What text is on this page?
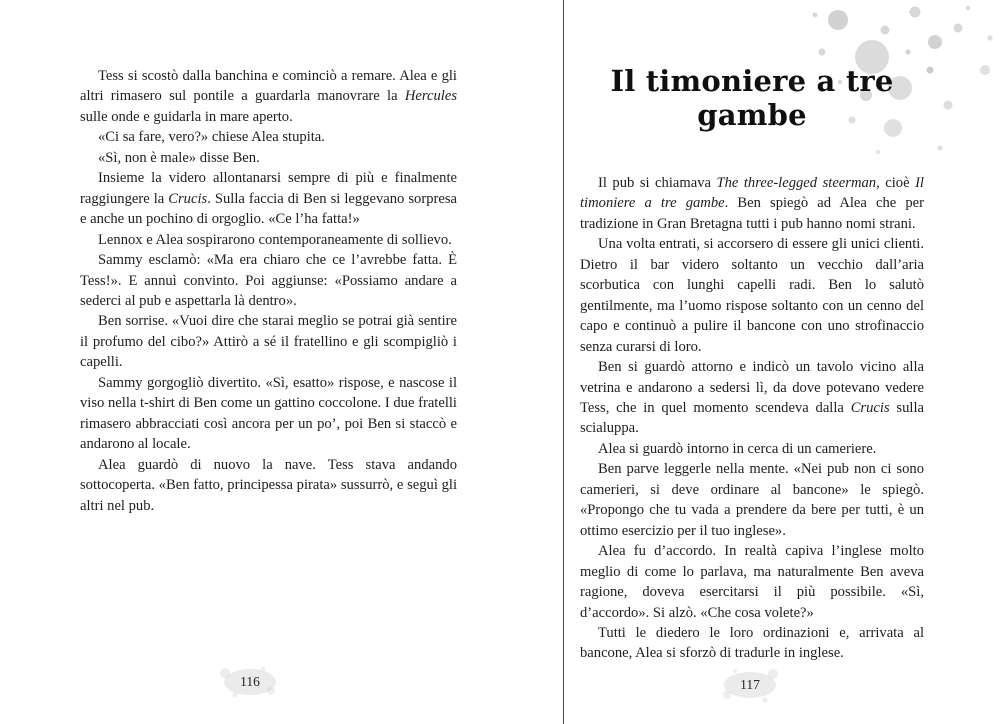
Tess si scostò dalla banchina e cominciò a remare. Alea e gli altri rimasero sul pontile a guardarla manovrare la Hercules sulle onde e guidarla in mare aperto.

«Ci sa fare, vero?» chiese Alea stupita.

«Sì, non è male» disse Ben.

Insieme la videro allontanarsi sempre di più e finalmente raggiungere la Crucis. Sulla faccia di Ben si leggevano sorpresa e anche un pochino di orgoglio. «Ce l’ha fatta!»

Lennox e Alea sospirarono contemporaneamente di sollievo.

Sammy esclamò: «Ma era chiaro che ce l’avrebbe fatta. È Tess!». E annuì convinto. Poi aggiunse: «Possiamo andare a sederci al pub e aspettarla là dentro».

Ben sorrise. «Vuoi dire che starai meglio se potrai già sentire il profumo del cibo?» Attirò a sé il fratellino e gli scompigliò i capelli.

Sammy gorgogliò divertito. «Sì, esatto» rispose, e nascose il viso nella t-shirt di Ben come un gattino coccolone. I due fratelli rimasero abbracciati così ancora per un po’, poi Ben si staccò e andarono al locale.

Alea guardò di nuovo la nave. Tess stava andando sottocoperta. «Ben fatto, principessa pirata» sussurrò, e seguì gli altri nel pub.

116
Il timoniere a tre gambe

Il pub si chiamava The three-legged steerman, cioè Il timoniere a tre gambe. Ben spiegò ad Alea che per tradizione in Gran Bretagna tutti i pub hanno nomi strani.

Una volta entrati, si accorsero di essere gli unici clienti. Dietro il bar videro soltanto un vecchio dall’aria scorbutica con lunghi capelli radi. Ben lo salutò gentilmente, ma l’uomo rispose soltanto con un cenno del capo e continuò a pulire il bancone con uno strofinaccio senza curarsi di loro.

Ben si guardò attorno e indicò un tavolo vicino alla vetrina e andarono a sedersi lì, da dove potevano vedere Tess, che in quel momento scendeva dalla Crucis sulla scialuppa.

Alea si guardò intorno in cerca di un cameriere.

Ben parve leggerle nella mente. «Nei pub non ci sono camerieri, si deve ordinare al bancone» le spiegò. «Propongo che tu vada a prendere da bere per tutti, è un ottimo esercizio per il tuo inglese».

Alea fu d’accordo. In realtà capiva l’inglese molto meglio di come lo parlava, ma naturalmente Ben aveva ragione, doveva esercitarsi il più possibile. «Sì, d’accordo». Si alzò. «Che cosa volete?»

Tutti le diedero le loro ordinazioni e, arrivata al bancone, Alea si sforzò di tradurle in inglese.

117
